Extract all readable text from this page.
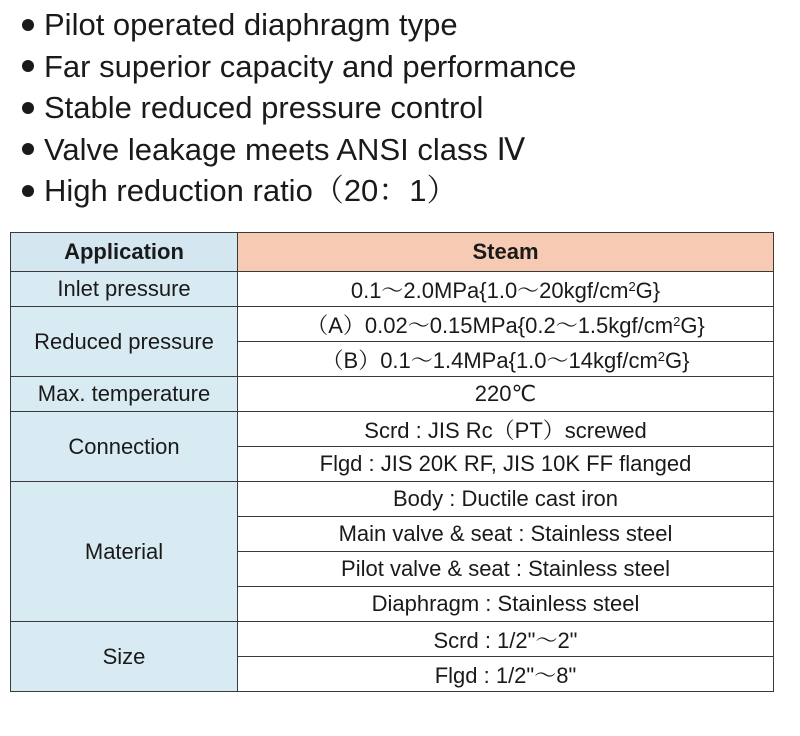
Pilot operated diaphragm type
Far superior capacity and performance
Stable reduced pressure control
Valve leakage meets ANSI class Ⅳ
High reduction ratio（20：1）
Application	Steam
Inlet pressure	$0.1\sim 2.0MPa\{1.0\sim 20kgf/cm^2G\}$
Reduced pressure	$(A)0.02\sim 0.15MPa\{0.2\sim 1.5kgf/cm^2G\}$
	$(B)0.1\sim 1.4MPa\{1.0\sim 14kgf/cm^2G\}$
Max. temperature	220℃
Connection	Scrd : JIS Rc（PT）screwed
	Flgd : JIS 20K RF, JIS 10K FF flanged
Material	Body : Ductile cast iron
	Main valve & seat : Stainless steel
	Pilot valve & seat : Stainless steel
	Diaphragm : Stainless steel
Size	Scrd : 1/2"～2"
	Flgd : 1/2"～8"
